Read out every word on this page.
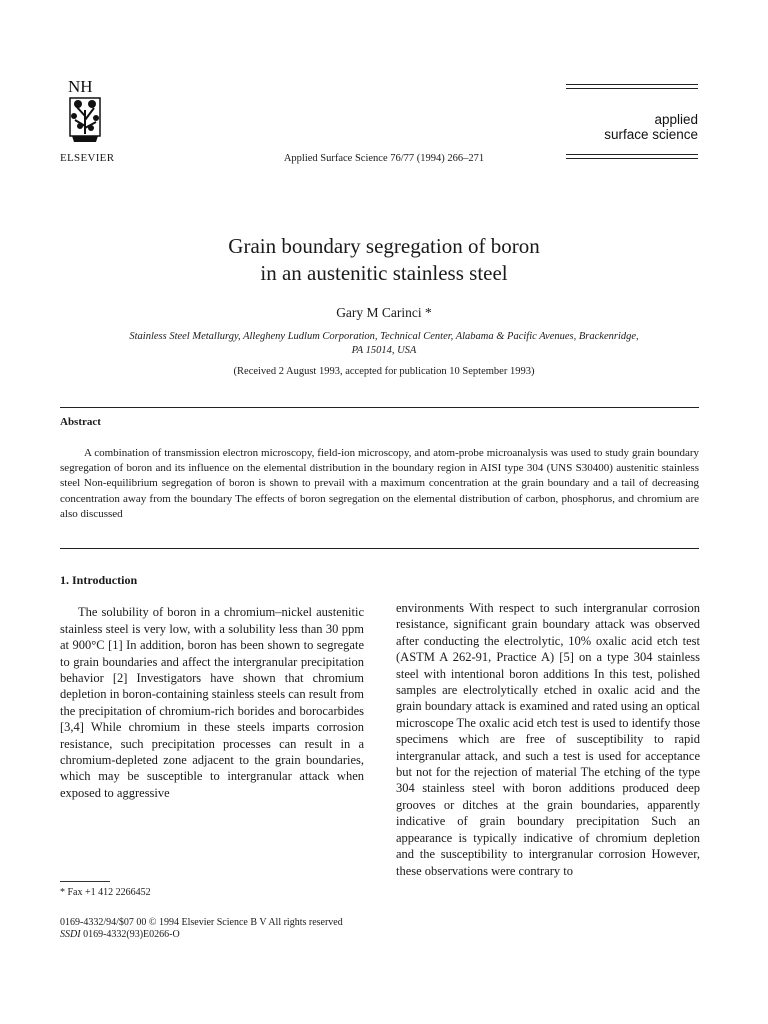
NH
ELSEVIER	Applied Surface Science 76/77 (1994) 266–271
applied
surface science
Grain boundary segregation of boron
in an austenitic stainless steel
Gary M Carinci *
Stainless Steel Metallurgy, Allegheny Ludlum Corporation, Technical Center, Alabama & Pacific Avenues, Brackenridge,
PA 15014, USA
(Received 2 August 1993, accepted for publication 10 September 1993)
Abstract
A combination of transmission electron microscopy, field-ion microscopy, and atom-probe microanalysis was used to study grain boundary segregation of boron and its influence on the elemental distribution in the boundary region in AISI type 304 (UNS S30400) austenitic stainless steel Non-equilibrium segregation of boron is shown to prevail with a maximum concentration at the grain boundary and a tail of decreasing concentration away from the boundary The effects of boron segregation on the elemental distribution of carbon, phosphorus, and chromium are also discussed
1. Introduction

The solubility of boron in a chromium–nickel austenitic stainless steel is very low, with a solubility less than 30 ppm at 900°C [1] In addition, boron has been shown to segregate to grain boundaries and affect the intergranular precipitation behavior [2] Investigators have shown that chromium depletion in boron-containing stainless steels can result from the precipitation of chromium-rich borides and borocarbides [3,4] While chromium in these steels imparts corrosion resistance, such precipitation processes can result in a chromium-depleted zone adjacent to the grain boundaries, which may be susceptible to intergranular attack when exposed to aggressive

environments With respect to such intergranular corrosion resistance, significant grain boundary attack was observed after conducting the electrolytic, 10% oxalic acid etch test (ASTM A 262-91, Practice A) [5] on a type 304 stainless steel with intentional boron additions In this test, polished samples are electrolytically etched in oxalic acid and the grain boundary attack is examined and rated using an optical microscope The oxalic acid etch test is used to identify those specimens which are free of susceptibility to rapid intergranular attack, and such a test is used for acceptance but not for the rejection of material The etching of the type 304 stainless steel with boron additions produced deep grooves or ditches at the grain boundaries, apparently indicative of grain boundary precipitation Such an appearance is typically indicative of chromium depletion and the susceptibility to intergranular corrosion However, these observations were contrary to

* Fax +1 412 2266452
0169-4332/94/$07 00 © 1994 Elsevier Science B V All rights reserved
SSDI 0169-4332(93)E0266-O
